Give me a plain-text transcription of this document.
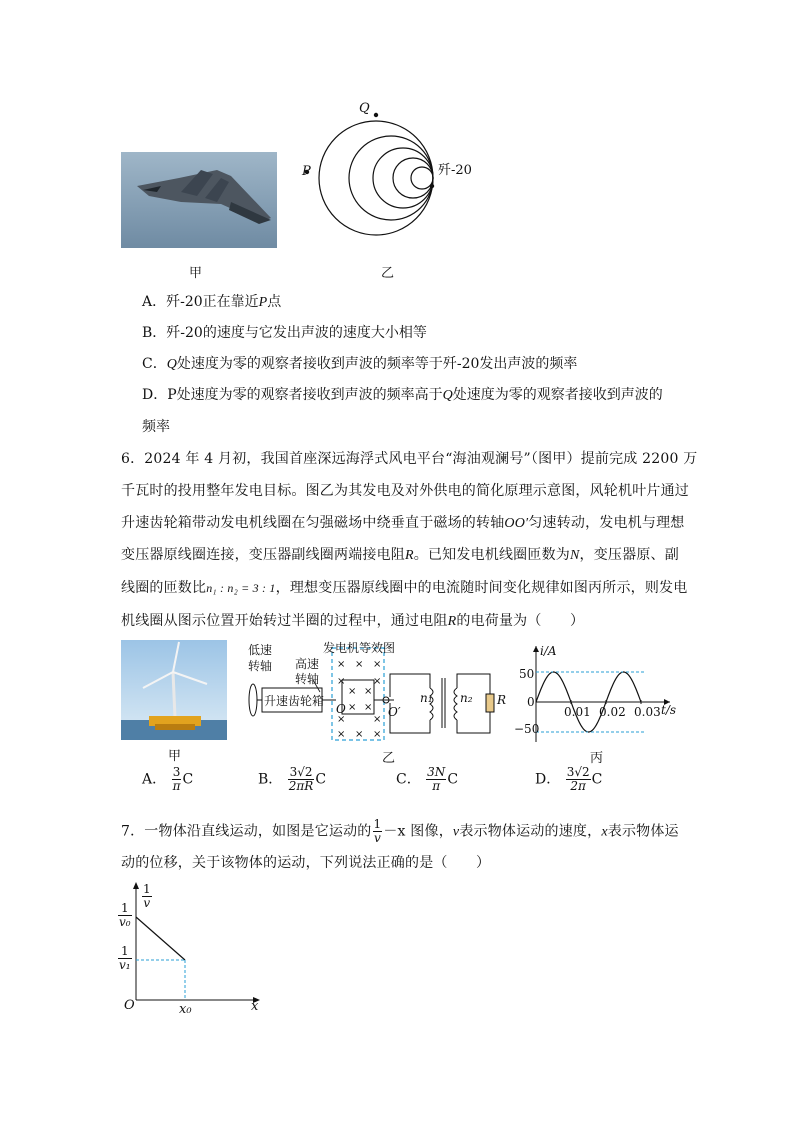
甲
Q
P	歼-20
乙
A．歼-20正在靠近P点
B．歼-20的速度与它发出声波的速度大小相等
C．Q处速度为零的观察者接收到声波的频率等于歼-20发出声波的频率
D．P处速度为零的观察者接收到声波的频率高于Q处速度为零的观察者接收到声波的
频率
6．2024 年 4 月初，我国首座深远海浮式风电平台“海油观澜号”（图甲）提前完成 2200 万
千瓦时的投用整年发电目标。图乙为其发电及对外供电的简化原理示意图，风轮机叶片通过
升速齿轮箱带动发电机线圈在匀强磁场中绕垂直于磁场的转轴OO′匀速转动，发电机与理想
变压器原线圈连接，变压器副线圈两端接电阻R。已知发电机线圈匝数为N，变压器原、副
线圈的匝数比n₁ : n₂ = 3 : 1，理想变压器原线圈中的电流随时间变化规律如图丙所示，则发电
机线圈从图示位置开始转过半圈的过程中，通过电阻R的电荷量为（　　）
甲
× × ×
×	×
× ×
× ×
×	×
× × ×
低速
转轴 高速
转轴
发电机等效图
升速齿轮箱
O	O′
n₁ n₂ R
乙
i/A
t/s
50
0
−50
0.01 0.02 0.03
丙
A． $\frac{3}{\pi}$ C	B． $\frac{3√2}{2\pi R}$ C	C． $\frac{3N}{\pi}$ C	D． $\frac{3√2}{2\pi}$ C
7．一物体沿直线运动，如图是它运动的 $\frac{1}{v} -x$ 图像，v表示物体运动的速度，x表示物体运
动的位移，关于该物体的运动，下列说法正确的是（　　）
$\frac{1}{v}$
$\frac{1}{\text{v₀}}$
$\frac{1}{\text{v₁}}$
O	x₀	x
